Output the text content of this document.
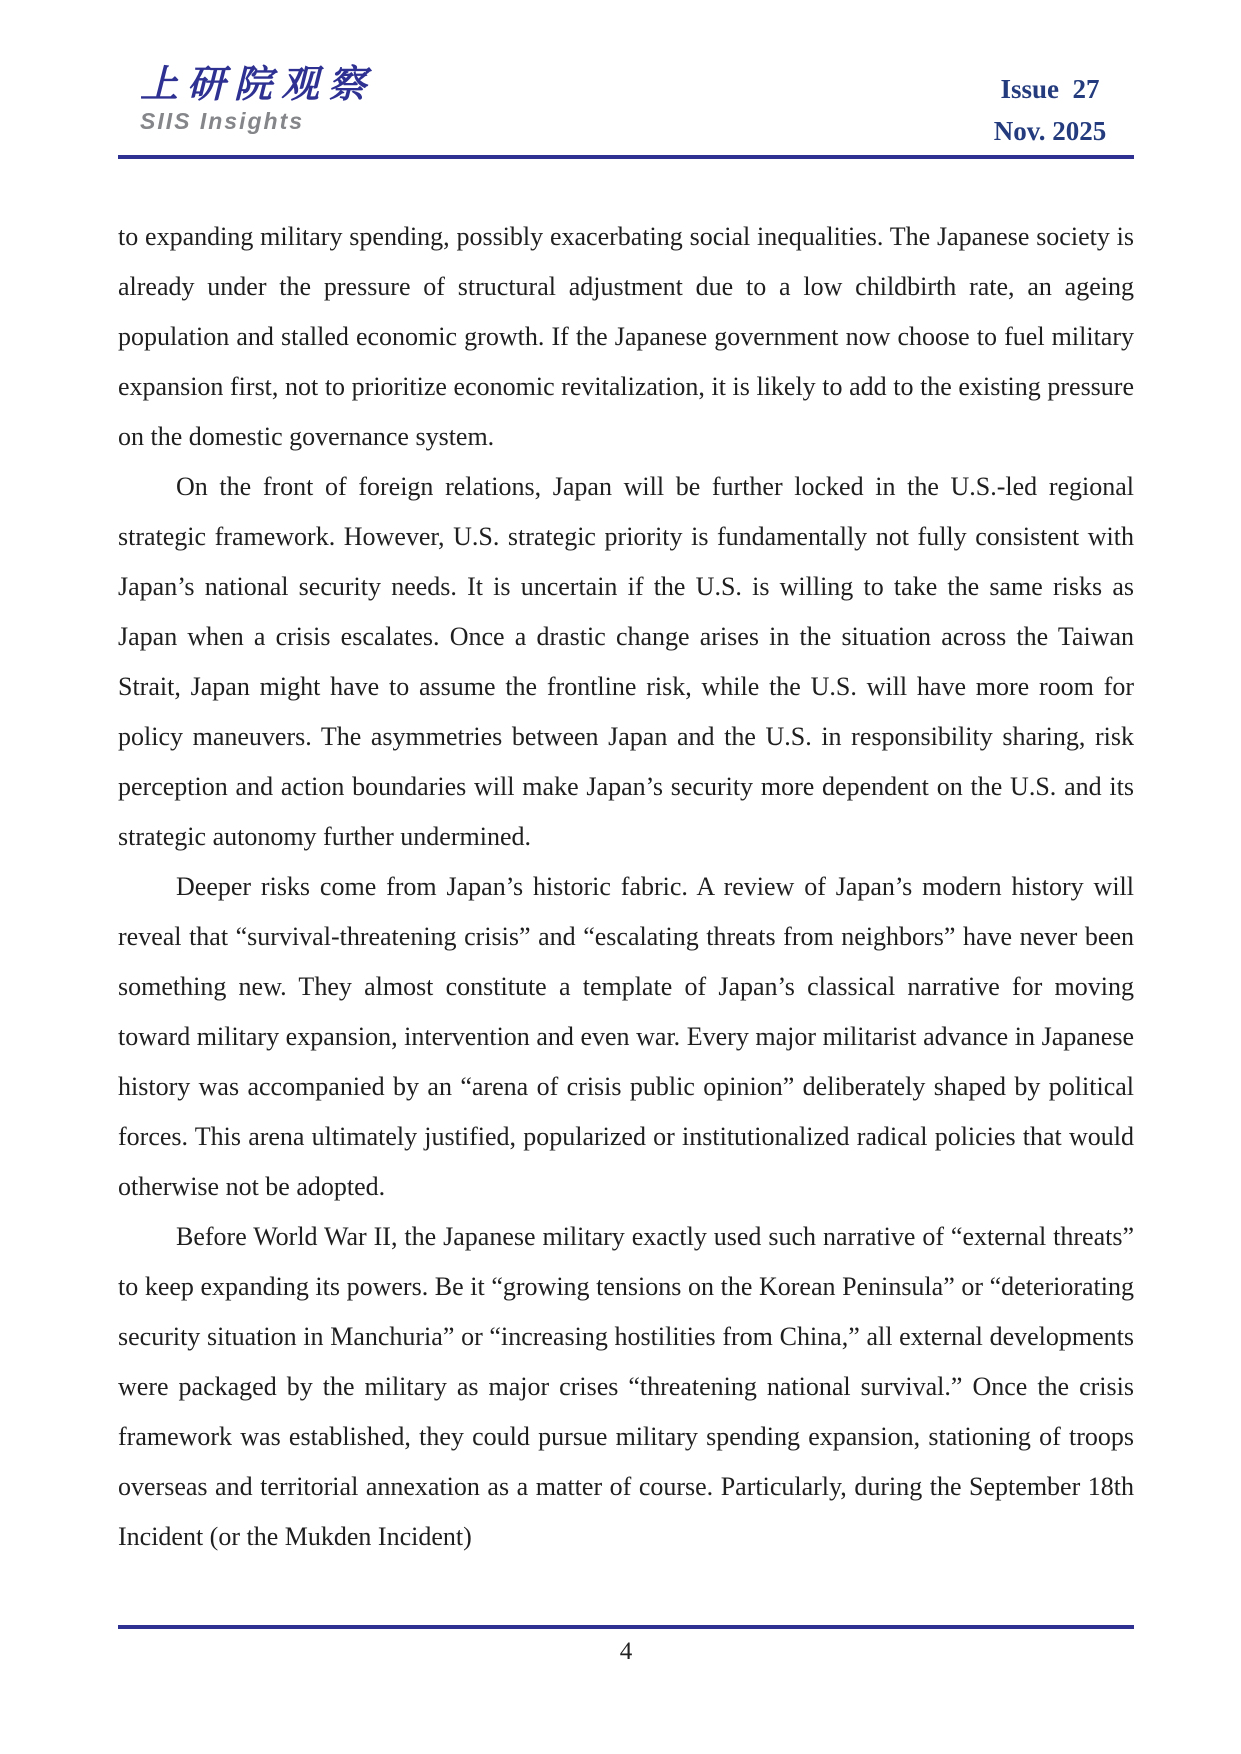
上研院观察
SIIS Insights
Issue  27
Nov. 2025

to expanding military spending, possibly exacerbating social inequalities. The Japanese society is already under the pressure of structural adjustment due to a low childbirth rate, an ageing population and stalled economic growth. If the Japanese government now choose to fuel military expansion first, not to prioritize economic revitalization, it is likely to add to the existing pressure on the domestic governance system.

On the front of foreign relations, Japan will be further locked in the U.S.-led regional strategic framework. However, U.S. strategic priority is fundamentally not fully consistent with Japan’s national security needs. It is uncertain if the U.S. is willing to take the same risks as Japan when a crisis escalates. Once a drastic change arises in the situation across the Taiwan Strait, Japan might have to assume the frontline risk, while the U.S. will have more room for policy maneuvers. The asymmetries between Japan and the U.S. in responsibility sharing, risk perception and action boundaries will make Japan’s security more dependent on the U.S. and its strategic autonomy further undermined.

Deeper risks come from Japan’s historic fabric. A review of Japan’s modern history will reveal that “survival-threatening crisis” and “escalating threats from neighbors” have never been something new. They almost constitute a template of Japan’s classical narrative for moving toward military expansion, intervention and even war. Every major militarist advance in Japanese history was accompanied by an “arena of crisis public opinion” deliberately shaped by political forces. This arena ultimately justified, popularized or institutionalized radical policies that would otherwise not be adopted.

Before World War II, the Japanese military exactly used such narrative of “external threats” to keep expanding its powers. Be it “growing tensions on the Korean Peninsula” or “deteriorating security situation in Manchuria” or “increasing hostilities from China,” all external developments were packaged by the military as major crises “threatening national survival.” Once the crisis framework was established, they could pursue military spending expansion, stationing of troops overseas and territorial annexation as a matter of course. Particularly, during the September 18th Incident (or the Mukden Incident)

4
